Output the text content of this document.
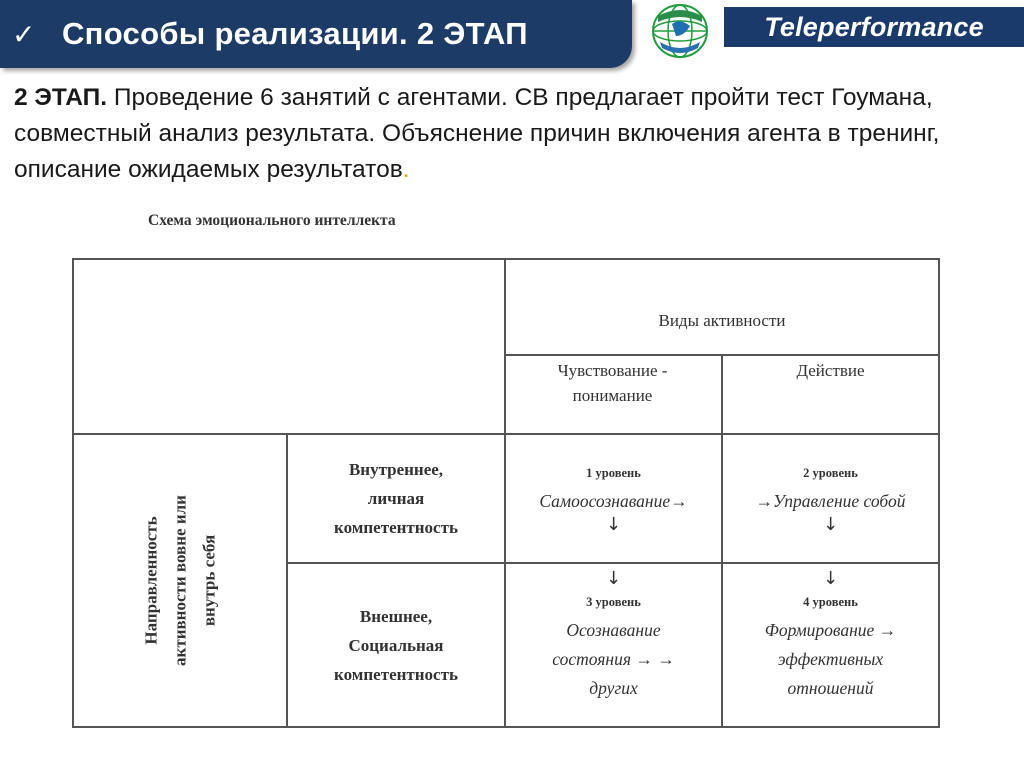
✓ Способы реализации. 2 ЭТАП	Teleperformance
2 ЭТАП. Проведение 6 занятий с агентами. СВ предлагает пройти тест Гоумана, совместный анализ результата. Объяснение причин включения агента в тренинг, описание ожидаемых результатов.
Схема эмоционального интеллекта
Виды активности
Чувствование - понимание
Действие
Направленность активности вовне или внутрь себя
Внутреннее, личная компетентность
Внешнее, Социальная компетентность
1 уровень
Самоосознавание→
↓
2 уровень
→Управление собой
↓
↓
3 уровень
Осознавание состояния → → других
↓
4 уровень
Формирование → эффективных отношений
